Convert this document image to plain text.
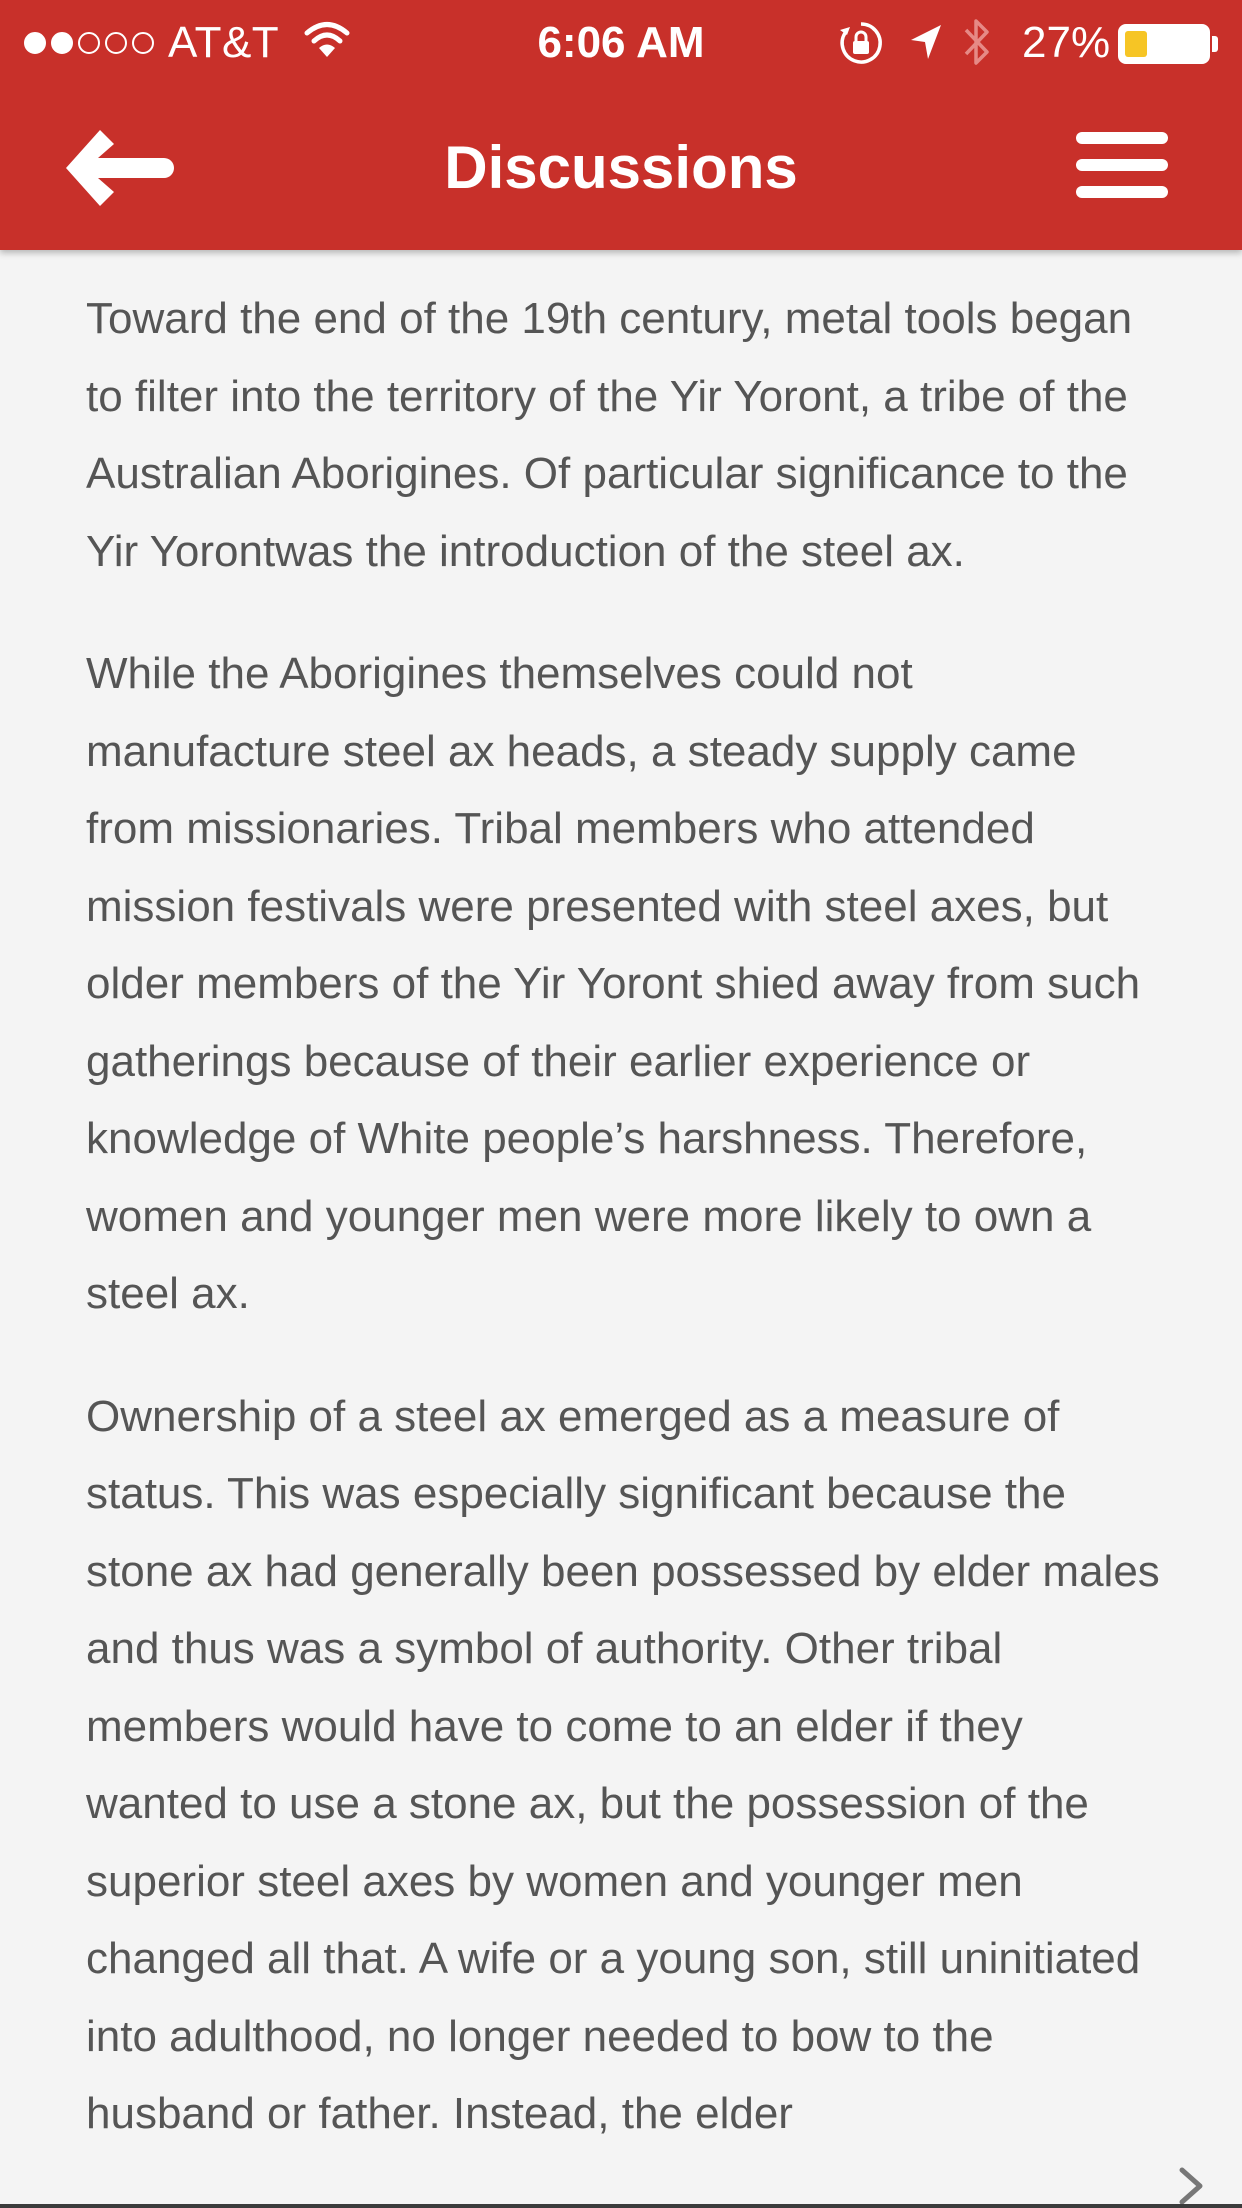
AT&T	6:06 AM	27%
Discussions

Toward the end of the 19th century, metal tools began to filter into the territory of the Yir Yoront, a tribe of the Australian Aborigines. Of particular significance to the Yir Yorontwas the introduction of the steel ax.

While the Aborigines themselves could not manufacture steel ax heads, a steady supply came from missionaries. Tribal members who attended mission festivals were presented with steel axes, but older members of the Yir Yoront shied away from such gatherings because of their earlier experience or knowledge of White people’s harshness. Therefore, women and younger men were more likely to own a steel ax.

Ownership of a steel ax emerged as a measure of status. This was especially significant because the stone ax had generally been possessed by elder males and thus was a symbol of authority. Other tribal members would have to come to an elder if they wanted to use a stone ax, but the possession of the superior steel axes by women and younger men changed all that. A wife or a young son, still uninitiated into adulthood, no longer needed to bow to the husband or father. Instead, the elder
